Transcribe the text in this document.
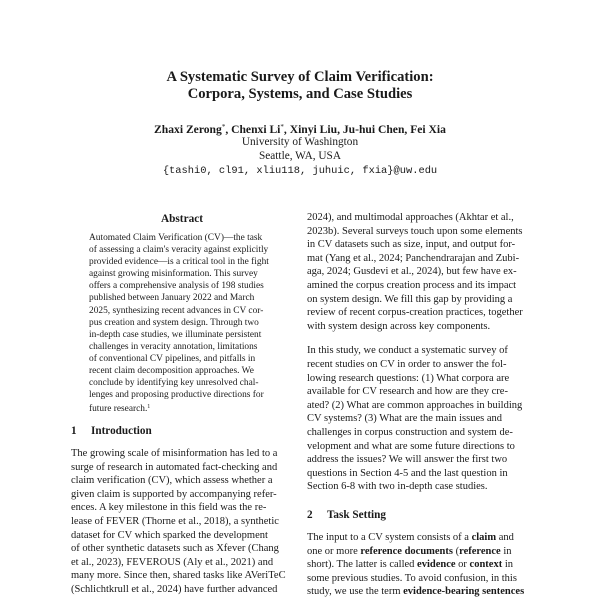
A Systematic Survey of Claim Verification:
Corpora, Systems, and Case Studies
Zhaxi Zerong*, Chenxi Li*, Xinyi Liu, Ju-hui Chen, Fei Xia
University of Washington
Seattle, WA, USA
{tashi0, cl91, xliu118, juhuic, fxia}@uw.edu
Abstract
Automated Claim Verification (CV)—the task
of assessing a claim's veracity against explicitly
provided evidence—is a critical tool in the fight
against growing misinformation. This survey
offers a comprehensive analysis of 198 studies
published between January 2022 and March
2025, synthesizing recent advances in CV cor-
pus creation and system design. Through two
in-depth case studies, we illuminate persistent
challenges in veracity annotation, limitations
of conventional CV pipelines, and pitfalls in
recent claim decomposition approaches. We
conclude by identifying key unresolved chal-
lenges and proposing productive directions for
future research.$^1$
1 Introduction
The growing scale of misinformation has led to a
surge of research in automated fact-checking and
claim verification (CV), which assess whether a
given claim is supported by accompanying refer-
ences. A key milestone in this field was the re-
lease of FEVER (Thorne et al., 2018), a synthetic
dataset for CV which sparked the development
of other synthetic datasets such as Xfever (Chang
et al., 2023), FEVEROUS (Aly et al., 2021) and
many more. Since then, shared tasks like AVeriTeC
(Schlichtkrull et al., 2024) have further advanced
2024), and multimodal approaches (Akhtar et al.,
2023b). Several surveys touch upon some elements
in CV datasets such as size, input, and output for-
mat (Yang et al., 2024; Panchendrarajan and Zubi-
aga, 2024; Gusdevi et al., 2024), but few have ex-
amined the corpus creation process and its impact
on system design. We fill this gap by providing a
review of recent corpus-creation practices, together
with system design across key components.
In this study, we conduct a systematic survey of
recent studies on CV in order to answer the fol-
lowing research questions: (1) What corpora are
available for CV research and how are they cre-
ated? (2) What are common approaches in building
CV systems? (3) What are the main issues and
challenges in corpus construction and system de-
velopment and what are some future directions to
address the issues? We will answer the first two
questions in Section 4-5 and the last question in
Section 6-8 with two in-depth case studies.
2 Task Setting
The input to a CV system consists of a claim and
one or more reference documents (reference in
short). The latter is called evidence or context in
some previous studies. To avoid confusion, in this
study, we use the term evidence-bearing sentences
